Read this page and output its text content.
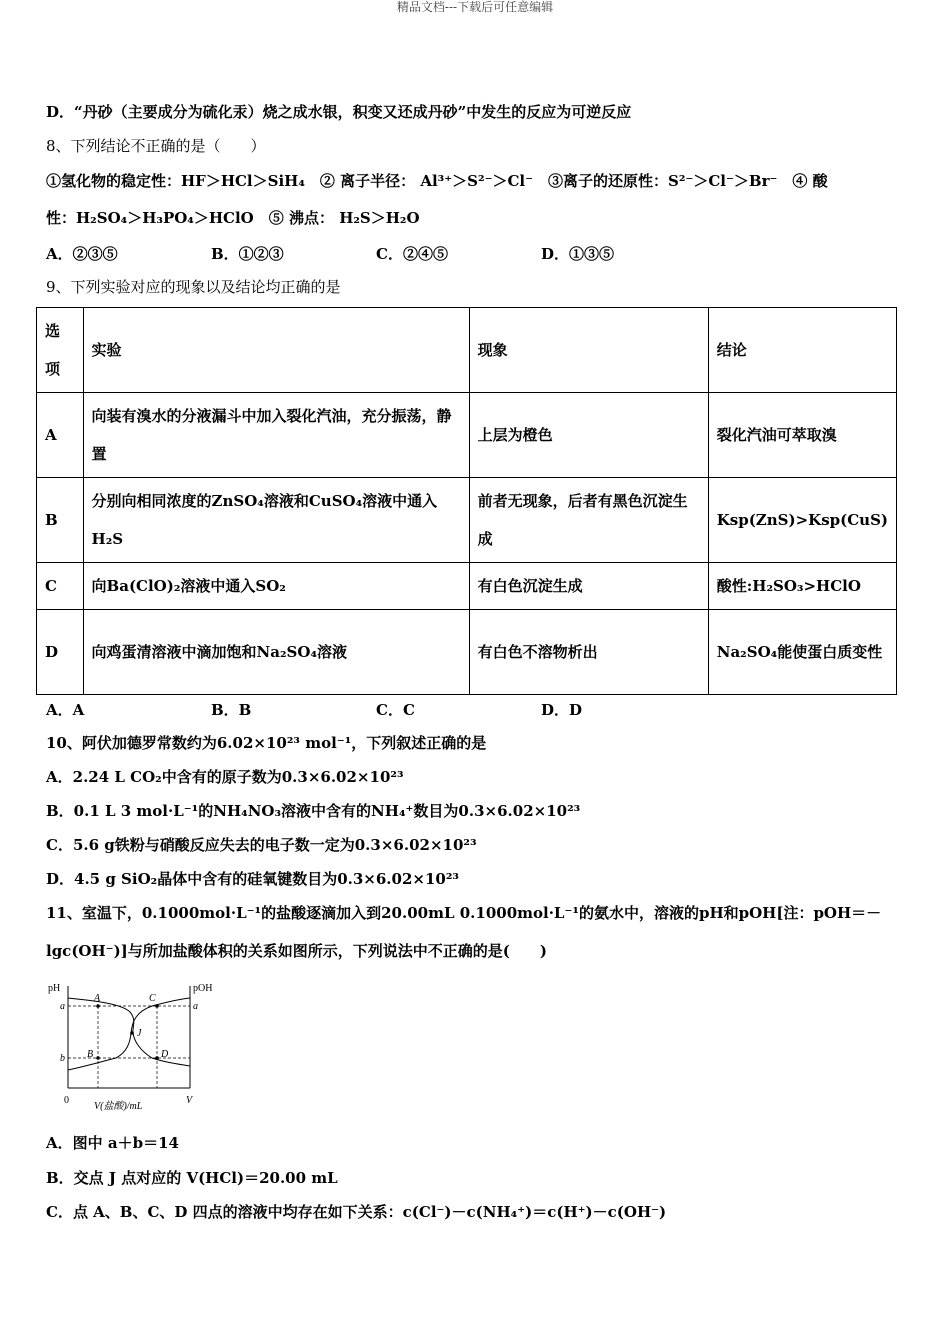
精品文档---下载后可任意编辑
D．“丹砂（主要成分为硫化汞）烧之成水银，积变又还成丹砂”中发生的反应为可逆反应
8、下列结论不正确的是（　　）
①氢化物的稳定性：HF＞HCl＞SiH₄　② 离子半径： Al³⁺＞S²⁻＞Cl⁻　③离子的还原性：S²⁻＞Cl⁻＞Br⁻　④ 酸
性：H₂SO₄＞H₃PO₄＞HClO　⑤ 沸点： H₂S＞H₂O
A．②③⑤	B．①②③	C．②④⑤	D．①③⑤
9、下列实验对应的现象以及结论均正确的是
选项	实验	现象	结论
A	向装有溴水的分液漏斗中加入裂化汽油，充分振荡，静置	上层为橙色	裂化汽油可萃取溴
B	分别向相同浓度的ZnSO₄溶液和CuSO₄溶液中通入H₂S	前者无现象，后者有黑色沉淀生成	Ksp(ZnS)>Ksp(CuS)
C	向Ba(ClO)₂溶液中通入SO₂	有白色沉淀生成	酸性:H₂SO₃>HClO
D	向鸡蛋清溶液中滴加饱和Na₂SO₄溶液	有白色不溶物析出	Na₂SO₄能使蛋白质变性
A．A	B．B	C．C	D．D
10、阿伏加德罗常数约为6.02×10²³ mol⁻¹，下列叙述正确的是
A．2.24 L CO₂中含有的原子数为0.3×6.02×10²³
B．0.1 L 3 mol·L⁻¹的NH₄NO₃溶液中含有的NH₄⁺数目为0.3×6.02×10²³
C．5.6 g铁粉与硝酸反应失去的电子数一定为0.3×6.02×10²³
D．4.5 g SiO₂晶体中含有的硅氧键数目为0.3×6.02×10²³
11、室温下，0.1000mol·L⁻¹的盐酸逐滴加入到20.00mL 0.1000mol·L⁻¹的氨水中，溶液的pH和pOH[注：pOH＝－
lgc(OH⁻)]与所加盐酸体积的关系如图所示，下列说法中不正确的是(　　)
pH	pOH
a	a
b
A
B
C
D
J
0
V(盐酸)/mL
V
A．图中 a＋b＝14
B．交点 J 点对应的 V(HCl)＝20.00 mL
C．点 A、B、C、D 四点的溶液中均存在如下关系：c(Cl⁻)－c(NH₄⁺)＝c(H⁺)－c(OH⁻)
